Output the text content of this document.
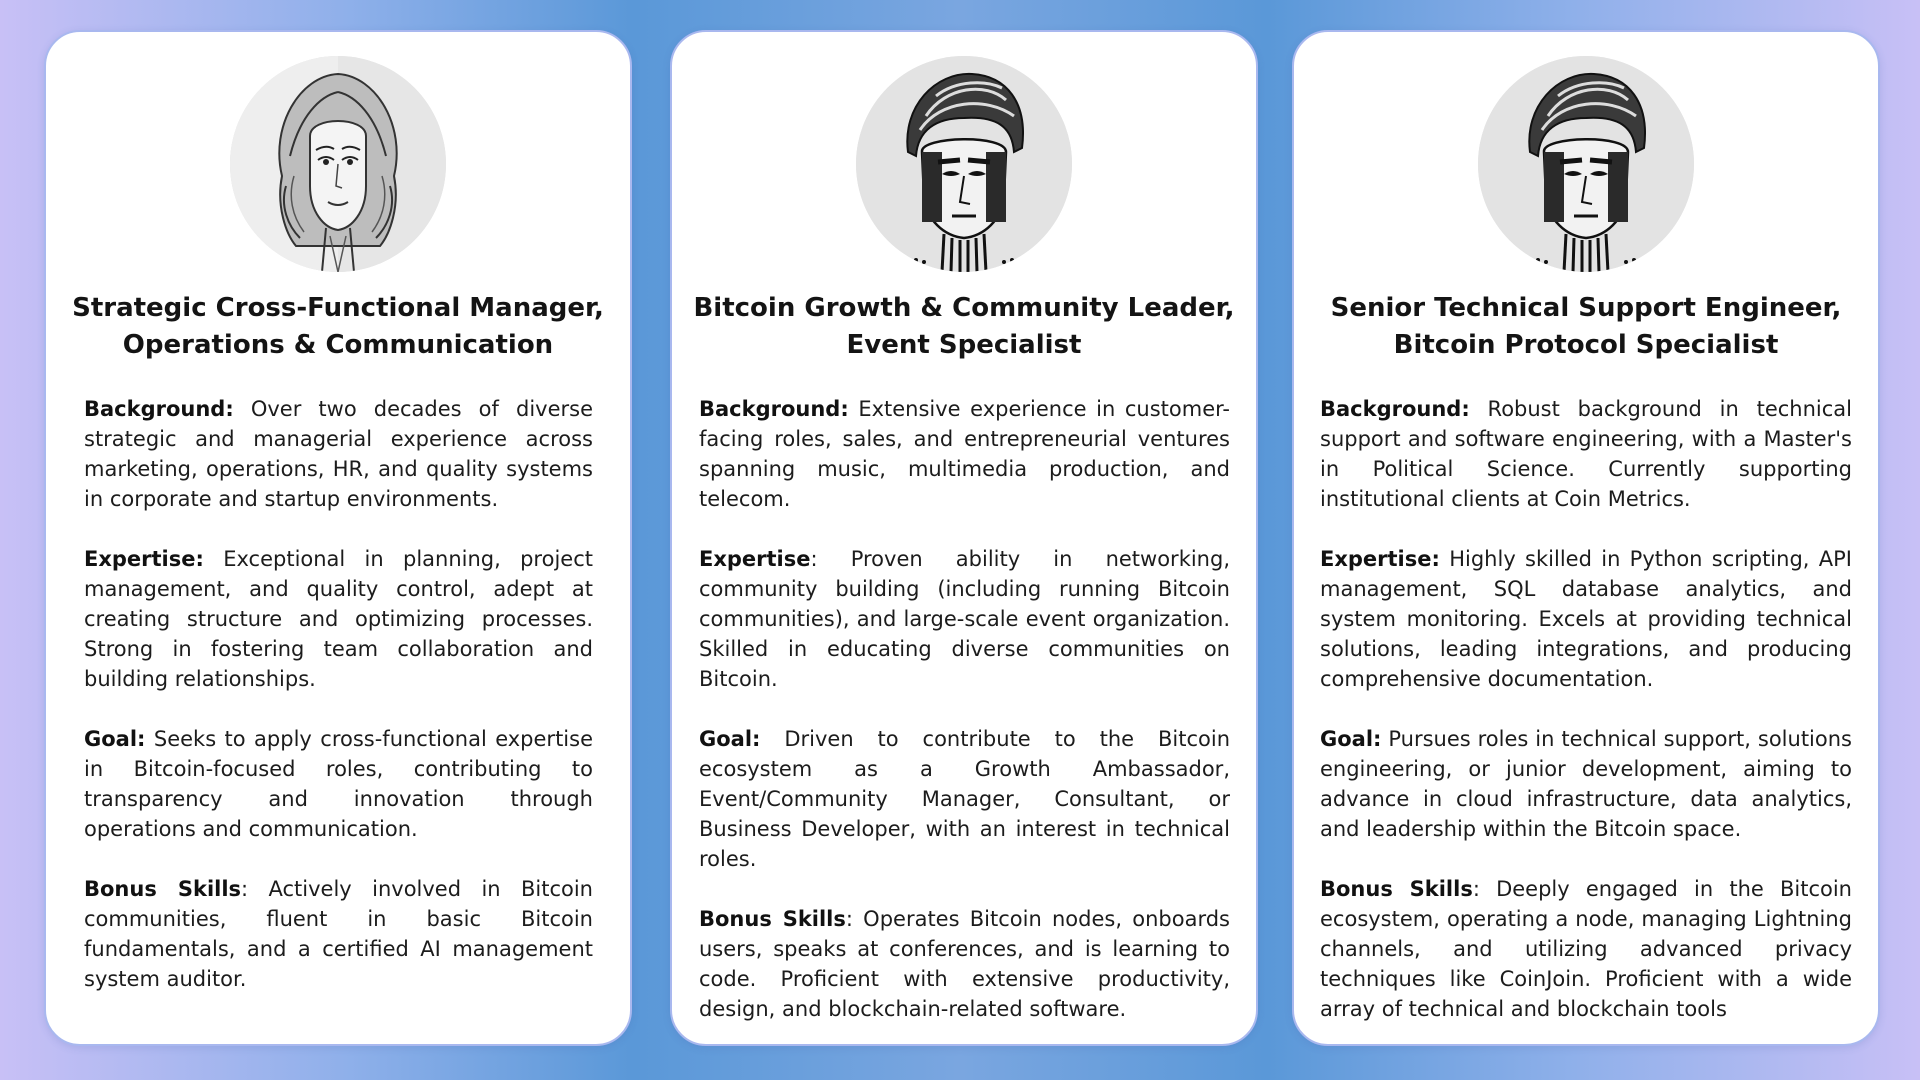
Strategic Cross-Functional Manager,
Operations & Communication

Background: Over two decades of diverse strategic and managerial experience across marketing, operations, HR, and quality systems in corporate and startup environments.

Expertise: Exceptional in planning, project management, and quality control, adept at creating structure and optimizing processes. Strong in fostering team collaboration and building relationships.

Goal: Seeks to apply cross-functional expertise in Bitcoin-focused roles, contributing to transparency and innovation through operations and communication.

Bonus Skills: Actively involved in Bitcoin communities, fluent in basic Bitcoin fundamentals, and a certified AI management system auditor.

Bitcoin Growth & Community Leader,
Event Specialist

Background: Extensive experience in customer-facing roles, sales, and entrepreneurial ventures spanning music, multimedia production, and telecom.

Expertise: Proven ability in networking, community building (including running Bitcoin communities), and large-scale event organization. Skilled in educating diverse communities on Bitcoin.

Goal: Driven to contribute to the Bitcoin ecosystem as a Growth Ambassador, Event/Community Manager, Consultant, or Business Developer, with an interest in technical roles.

Bonus Skills: Operates Bitcoin nodes, onboards users, speaks at conferences, and is learning to code. Proficient with extensive productivity, design, and blockchain-related software.

Senior Technical Support Engineer,
Bitcoin Protocol Specialist

Background: Robust background in technical support and software engineering, with a Master's in Political Science. Currently supporting institutional clients at Coin Metrics.

Expertise: Highly skilled in Python scripting, API management, SQL database analytics, and system monitoring. Excels at providing technical solutions, leading integrations, and producing comprehensive documentation.

Goal: Pursues roles in technical support, solutions engineering, or junior development, aiming to advance in cloud infrastructure, data analytics, and leadership within the Bitcoin space.

Bonus Skills: Deeply engaged in the Bitcoin ecosystem, operating a node, managing Lightning channels, and utilizing advanced privacy techniques like CoinJoin. Proficient with a wide array of technical and blockchain tools
